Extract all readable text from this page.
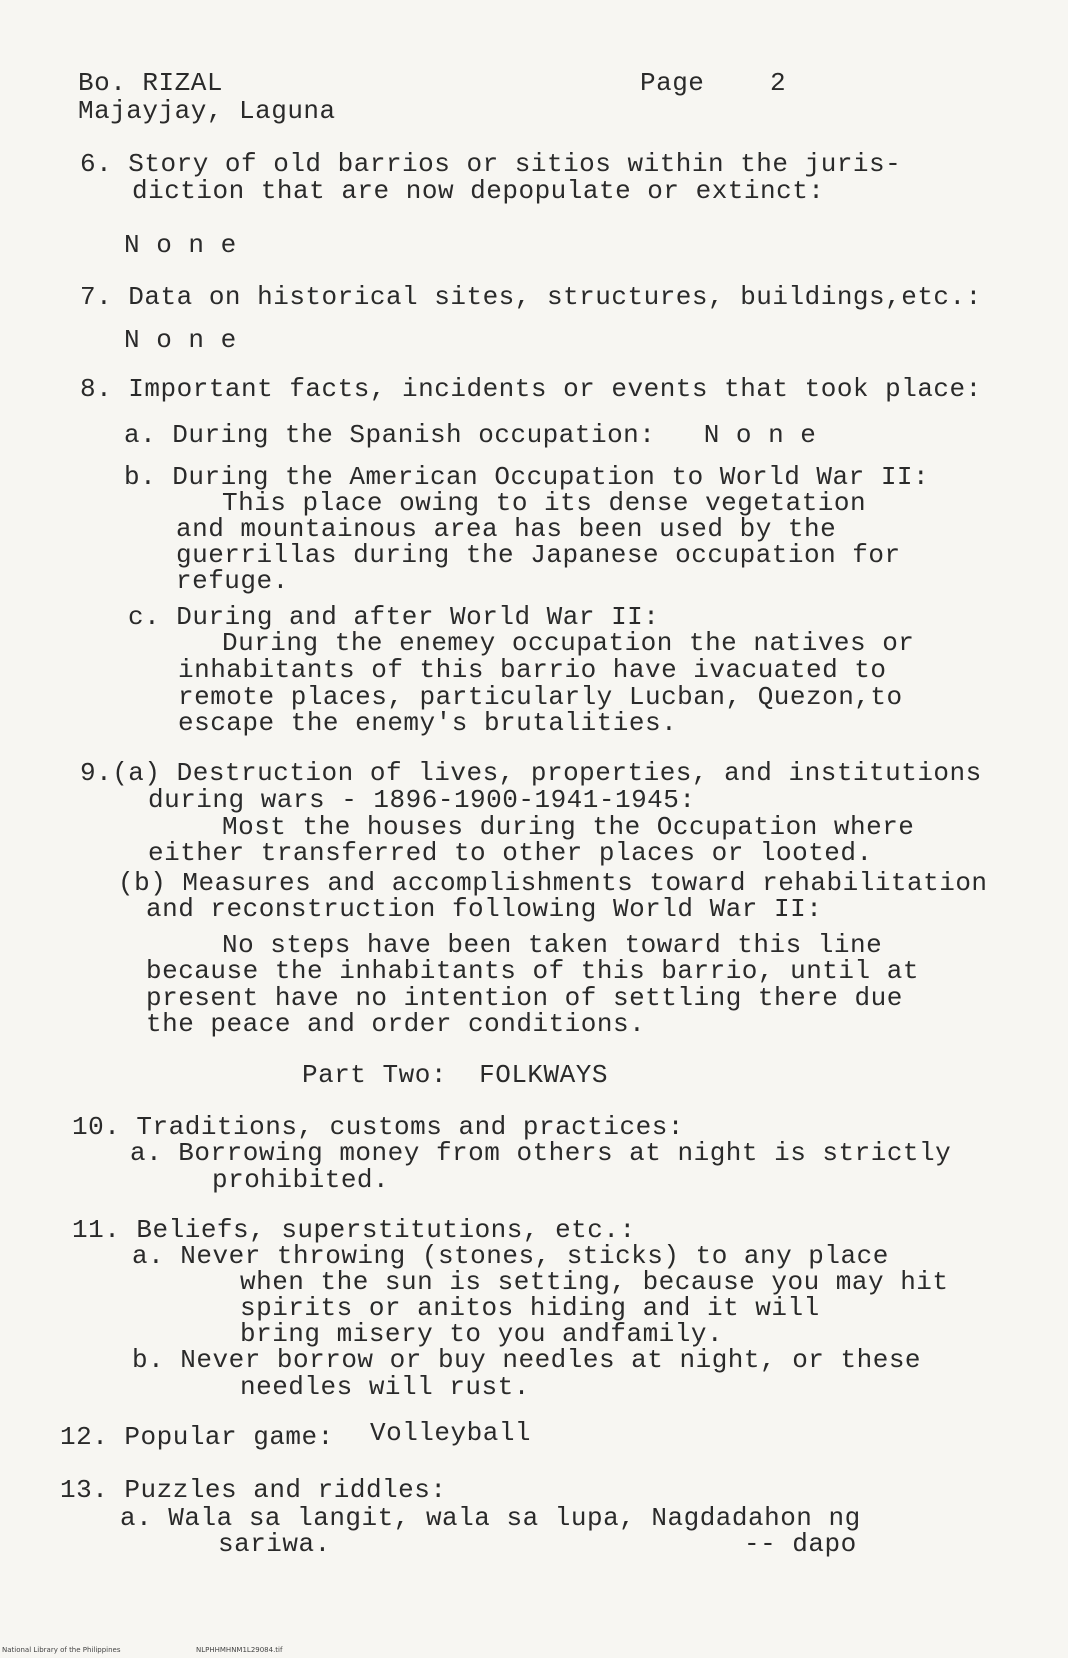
Bo. RIZAL
Majayjay, Laguna
Page	2
6. Story of old barrios or sitios within the juris-
diction that are now depopulate or extinct:
N o n e
7. Data on historical sites, structures, buildings,etc.:
N o n e
8. Important facts, incidents or events that took place:
a. During the Spanish occupation:   N o n e
b. During the American Occupation to World War II:
This place owing to its dense vegetation
and mountainous area has been used by the
guerrillas during the Japanese occupation for
refuge.
c. During and after World War II:
During the enemey occupation the natives or
inhabitants of this barrio have ivacuated to
remote places, particularly Lucban, Quezon,to
escape the enemy's brutalities.
9.(a) Destruction of lives, properties, and institutions
during wars - 1896-1900-1941-1945:
Most the houses during the Occupation where
either transferred to other places or looted.
(b) Measures and accomplishments toward rehabilitation
and reconstruction following World War II:
No steps have been taken toward this line
because the inhabitants of this barrio, until at
present have no intention of settling there due
the peace and order conditions.
Part Two:  FOLKWAYS
10. Traditions, customs and practices:
a. Borrowing money from others at night is strictly
prohibited.
11. Beliefs, superstitutions, etc.:
a. Never throwing (stones, sticks) to any place
when the sun is setting, because you may hit
spirits or anitos hiding and it will
bring misery to you andfamily.
b. Never borrow or buy needles at night, or these
needles will rust.
12. Popular game: Volleyball
13. Puzzles and riddles:
a. Wala sa langit, wala sa lupa, Nagdadahon ng
sariwa.	-- dapo
National Library of the Philippines	NLPHHMHNM1L29084.tif
